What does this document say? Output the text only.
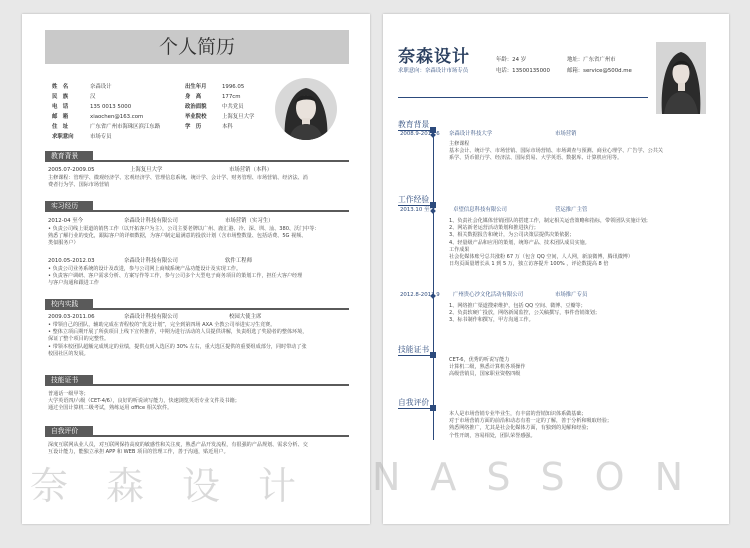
个人简历
姓　名	奈森设计
民　族	汉
电　话	135 0013 5000
邮　箱	xiaochen@163.com
住　址	广东省广州市海珠区滨江东路
求职意向	市场专员
出生年月	1996.05
身　高	177cm
政治面貌	中共党员
毕业院校	上海复旦大学
学　历	本科
教育背景
2005.07-2009.05	上海复旦大学	市场营销（本科）
主修课程：管理学、微观经济学、宏观经济学、管理信息系统、统计学、会计学、财务管理、市场营销、经济法、消
费者行为学、国际市场营销
实习经历
2012-04 至今	奈森设计科技有限公司	市场营销（实习生）
• 负责公司线上渠道的销售工作（以开拓客户为主），公司主要老牌以广州、鹿汇港、冷、深、圳、汕、380、沃门中等：
熟悉了解行业的变化，跟踪客户的详细数据，为客户制定最满意的投放计划（含市场整数量、包括话费、5G 视频、
类似服务户）
2010.05-2012.03	奈森设计科技有限公司	软件工程师
• 负责公司业务系统的设计及改进，参与公司网上商城系统产品功能设计及实现工作。
• 负责客户调研、客户需求分析、方案写作等工作，参与公司多个大型电子商务项目的策划工作，担任大客户经理
与客户沟通和跟进工作
校内实践
2009.03-2011.06	奈森设计科技有限公司	校园大使主席
• 带领自己的团队，辅助完成在青程校的“优龙计划”，完全到第四场 AXA 全教公司举进实习生竞赛。
• 整体立项后期开展了所获项目上线下宣传推荐，中期为进行活动的人员提供讲解，负责组选了奖励者的整体环境，
保证了整个项目的完整性。
• 带领本校团队超额完成规定的业绩，提供点到入选区的 30% 左右，重大选区提供的重要组成部分，同时带动了张
校园社区的发展。
技能证书
普通话一级甲等；
大学英语四/六级（CET-4/6），良好的听说读写能力，快速浏览英语专业文件及书籍；
通过全国计算机二级考试，熟练运用 office 相关软件。
自我评价
深度互联网从业人员，对互联网保持高度的敏感性和关注度，熟悉产品开发流程，有很强的产品规划、需求分析、交
互设计能力，能独立承担 APP 和 WEB 项目的管理工作，善于沟通，贴近用户。
奈森设计
求职意向：奈森设计市场专员
年龄：24 岁
电话：13500135000
地址：广东省广州市
邮箱：service@500d.me
教育背景
2008.9-2012.6 奈森设计科技大学	市场营销
主修课程
基本会计、统计学、市场营销、国际市场营销、市场调查与预测、商业心理学、广告学、公共关
系学、货币银行学、经济法、国际贸易、大学英语、数据库、计算机应用等。
工作经验
2013.10 至今	卓望信息科技有限公司	营运推广主管
1、负责社会化媒体营销团队的搭建工作，制定相关运营策略和指标，带领团队实施计划；
2、网站新老运营活动策划和推进执行；
3、相关数据报告和统计，为公司决策层提供决策依据；
4、轻量级产品和应用的策划，统筹产品、技术团队成员实施。
工作成果
社会化媒体账号总共涨粉 67 万（包含 QQ 空间，人人网，新浪微博，腾讯微博）
日均页面量增长从 1 到 5 万，独立访客提升 100% ，评论数提高 8 倍
2012.8-2013.9 广州贵心沙文化活动有限公司	市场推广专员
1、网络推广渠道搜索维护，包括 QQ 空间、微博、豆瓣等；
2、负责软硬广投放，网络新闻监控，公关稿撰写，事件营销策划；
3、标书制作和撰写，甲方沟通工作。
技能证书
CET-6，优秀的听说写能力
计算机二级，熟悉计算机各项操作
高级营销员，国家职业资格四级
自我评价
本人是市场营销专业毕业生，有丰富的营销知识体系做基础；
对于市场营销方面的前沿和动态有着一定的了解，善于分析和吸取经验；
熟悉网络推广，尤其是社会化媒体方面，有独到的见解和经验；
个性开朗，容易相处，团队荣誉感强。
奈森设计 NASSON
